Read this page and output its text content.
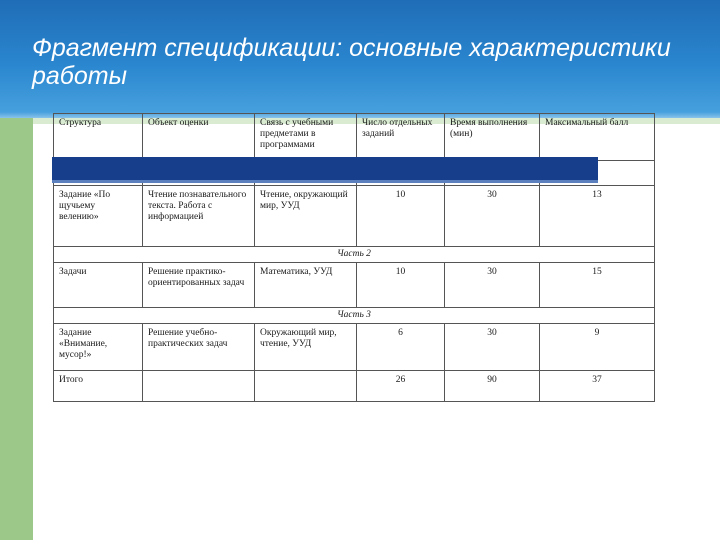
Фрагмент спецификации: основные характеристики работы
Структура	Объект оценки	Связь с учебными предметами в программами	Число отдельных заданий	Время выполнения (мин)	Максимальный балл

Задание «По щучьему велению»	Чтение познавательного текста. Работа с информацией	Чтение, окружающий мир, УУД	10	30	13
Часть 2					
Задачи	Решение практико-ориентированных задач	Математика, УУД	10	30	15
Часть 3					
Задание «Внимание, мусор!»	Решение учебно-практических задач	Окружающий мир, чтение, УУД	6	30	9
Итого			26	90	37
